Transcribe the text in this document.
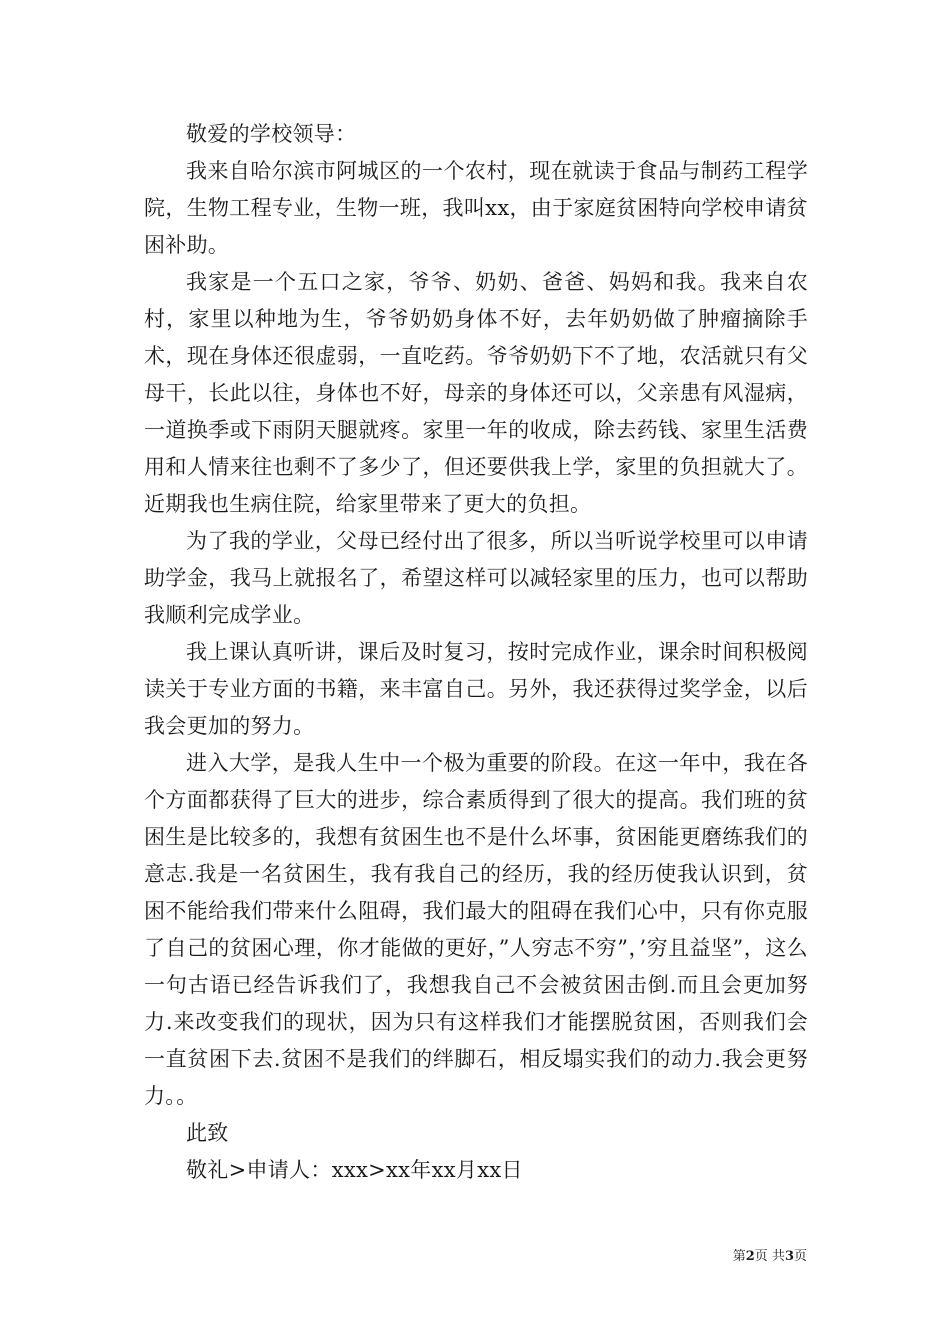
敬爱的学校领导：

我来自哈尔滨市阿城区的一个农村，现在就读于食品与制药工程学院，生物工程专业，生物一班，我叫xx，由于家庭贫困特向学校申请贫困补助。

我家是一个五口之家，爷爷、奶奶、爸爸、妈妈和我。我来自农村，家里以种地为生，爷爷奶奶身体不好，去年奶奶做了肿瘤摘除手术，现在身体还很虚弱，一直吃药。爷爷奶奶下不了地，农活就只有父母干，长此以往，身体也不好，母亲的身体还可以，父亲患有风湿病，一道换季或下雨阴天腿就疼。家里一年的收成，除去药钱、家里生活费用和人情来往也剩不了多少了，但还要供我上学，家里的负担就大了。近期我也生病住院，给家里带来了更大的负担。

为了我的学业，父母已经付出了很多，所以当听说学校里可以申请助学金，我马上就报名了，希望这样可以减轻家里的压力，也可以帮助我顺利完成学业。

我上课认真听讲，课后及时复习，按时完成作业，课余时间积极阅读关于专业方面的书籍，来丰富自己。另外，我还获得过奖学金，以后我会更加的努力。

进入大学，是我人生中一个极为重要的阶段。在这一年中，我在各个方面都获得了巨大的进步，综合素质得到了很大的提高。我们班的贫困生是比较多的，我想有贫困生也不是什么坏事，贫困能更磨练我们的意志.我是一名贫困生，我有我自己的经历，我的经历使我认识到，贫困不能给我们带来什么阻碍，我们最大的阻碍在我们心中，只有你克服了自己的贫困心理，你才能做的更好，”人穷志不穷”，’穷且益坚”，这么一句古语已经告诉我们了，我想我自己不会被贫困击倒.而且会更加努力.来改变我们的现状，因为只有这样我们才能摆脱贫困，否则我们会一直贫困下去.贫困不是我们的绊脚石，相反塌实我们的动力.我会更努力。。

此致

敬礼>申请人：xxx>xx年xx月xx日

第2页 共3页
